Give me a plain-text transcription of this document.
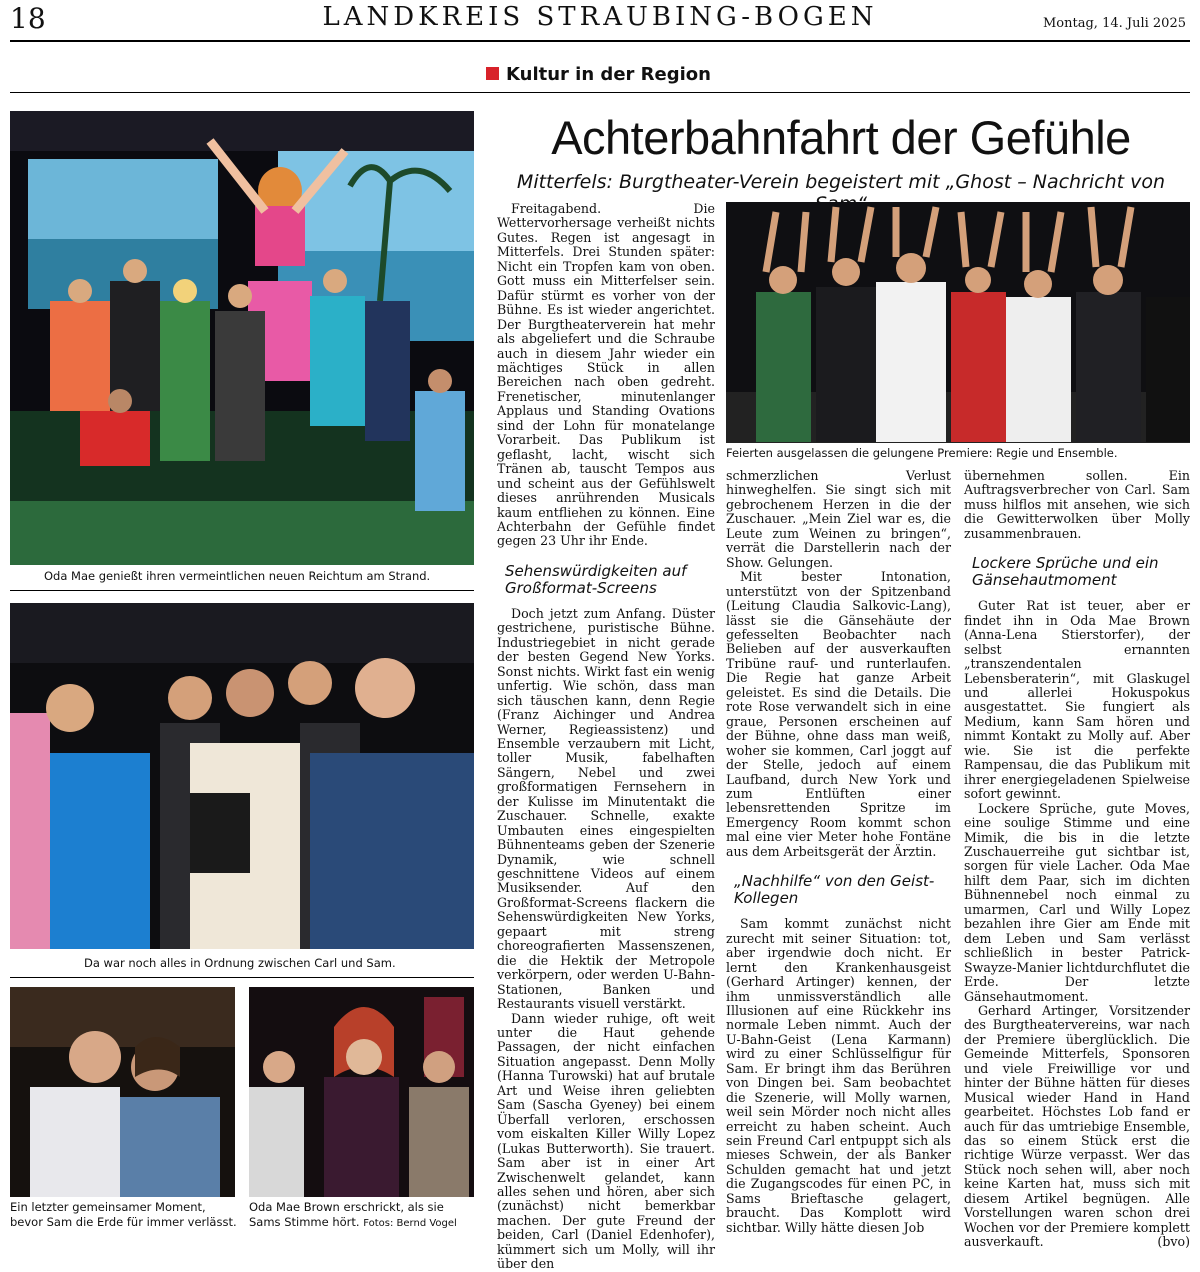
18	LANDKREIS STRAUBING-BOGEN	Montag, 14. Juli 2025
Kultur in der Region
Achterbahnfahrt der Gefühle
Mitterfels: Burgtheater-Verein begeistert mit „Ghost – Nachricht von
Oda Mae genießt ihren vermeintlichen neuen Reichtum am Strand.
Feierten ausgelassen die gelungene Premiere: Regie und Ensemble.
Da war noch alles in Ordnung zwischen Carl und Sam.
Ein letzter gemeinsamer Moment, bevor Sam die Erde für immer verlässt.
Oda Mae Brown erschrickt, als sie Sams Stimme hört. Fotos: Bernd Vogel

Freitagabend. Die Wettervorhersage verheißt nichts Gutes. Regen ist angesagt in Mitterfels. Drei Stunden später: Nicht ein Tropfen kam von oben. Gott muss ein Mitterfelser sein. Dafür stürmt es vorher von der Bühne. Es ist wieder angerichtet. Der Burgtheaterverein hat mehr als abgeliefert und die Schraube auch in diesem Jahr wieder ein mächtiges Stück in allen Bereichen nach oben gedreht. Frenetischer, minutenlanger Applaus und Standing Ovations sind der Lohn für monatelange Vorarbeit. Das Publikum ist geflasht, lacht, wischt sich Tränen ab, tauscht Tempos aus und scheint aus der Gefühlswelt dieses anrührenden Musicals kaum entfliehen zu können. Eine Achterbahn der Gefühle findet gegen 23 Uhr ihr Ende.

Sehenswürdigkeiten auf Großformat-Screens

Doch jetzt zum Anfang. Düster gestrichene, puristische Bühne. Industriegebiet in nicht gerade der besten Gegend New Yorks. Sonst nichts. Wirkt fast ein wenig unfertig. Wie schön, dass man sich täuschen kann, denn Regie (Franz Aichinger und Andrea Werner, Regieassistenz) und Ensemble verzaubern mit Licht, toller Musik, fabelhaften Sängern, Nebel und zwei großformatigen Fernsehern in der Kulisse im Minutentakt die Zuschauer. Schnelle, exakte Umbauten eines eingespielten Bühnenteams geben der Szenerie Dynamik, wie schnell geschnittene Videos auf einem Musiksender. Auf den Großformat-Screens flackern die Sehenswürdigkeiten New Yorks, gepaart mit streng choreografierten Massenszenen, die die Hektik der Metropole verkörpern, oder werden U-Bahn-Stationen, Banken und Restaurants visuell verstärkt.

Dann wieder ruhige, oft weit unter die Haut gehende Passagen, der nicht einfachen Situation angepasst. Denn Molly (Hanna Turowski) hat auf brutale Art und Weise ihren geliebten Sam (Sascha Gyeney) bei einem Überfall verloren, erschossen vom eiskalten Killer Willy Lopez (Lukas Butterworth). Sie trauert. Sam aber ist in einer Art Zwischenwelt gelandet, kann alles sehen und hören, aber sich (zunächst) nicht bemerkbar machen. Der gute Freund der beiden, Carl (Daniel Edenhofer), kümmert sich um Molly, will ihr über den

schmerzlichen Verlust hinweghelfen. Sie singt sich mit gebrochenem Herzen in die der Zuschauer. „Mein Ziel war es, die Leute zum Weinen zu bringen“, verrät die Darstellerin nach der Show. Gelungen.

Mit bester Intonation, unterstützt von der Spitzenband (Leitung Claudia Salkovic-Lang), lässt sie die Gänsehäute der gefesselten Beobachter nach Belieben auf der ausverkauften Tribüne rauf- und runterlaufen. Die Regie hat ganze Arbeit geleistet. Es sind die Details. Die rote Rose verwandelt sich in eine graue, Personen erscheinen auf der Bühne, ohne dass man weiß, woher sie kommen, Carl joggt auf der Stelle, jedoch auf einem Laufband, durch New York und zum Entlüften einer lebensrettenden Spritze im Emergency Room kommt schon mal eine vier Meter hohe Fontäne aus dem Arbeitsgerät der Ärztin.

„Nachhilfe“ von den Geist-Kollegen

Sam kommt zunächst nicht zurecht mit seiner Situation: tot, aber irgendwie doch nicht. Er lernt den Krankenhausgeist (Gerhard Artinger) kennen, der ihm unmissverständlich alle Illusionen auf eine Rückkehr ins normale Leben nimmt. Auch der U-Bahn-Geist (Lena Karmann) wird zu einer Schlüsselfigur für Sam. Er bringt ihm das Berühren von Dingen bei. Sam beobachtet die Szenerie, will Molly warnen, weil sein Mörder noch nicht alles erreicht zu haben scheint. Auch sein Freund Carl entpuppt sich als mieses Schwein, der als Banker Schulden gemacht hat und jetzt die Zugangscodes für einen PC, in Sams Brieftasche gelagert, braucht. Das Komplott wird sichtbar. Willy hätte diesen Job

übernehmen sollen. Ein Auftragsverbrecher von Carl. Sam muss hilflos mit ansehen, wie sich die Gewitterwolken über Molly zusammenbrauen.

Lockere Sprüche und ein Gänsehautmoment

Guter Rat ist teuer, aber er findet ihn in Oda Mae Brown (Anna-Lena Stierstorfer), der selbst ernannten „transzendentalen Lebensberaterin“, mit Glaskugel und allerlei Hokuspokus ausgestattet. Sie fungiert als Medium, kann Sam hören und nimmt Kontakt zu Molly auf. Aber wie. Sie ist die perfekte Rampensau, die das Publikum mit ihrer energiegeladenen Spielweise sofort gewinnt.

Lockere Sprüche, gute Moves, eine soulige Stimme und eine Mimik, die bis in die letzte Zuschauerreihe gut sichtbar ist, sorgen für viele Lacher. Oda Mae hilft dem Paar, sich im dichten Bühnennebel noch einmal zu umarmen, Carl und Willy Lopez bezahlen ihre Gier am Ende mit dem Leben und Sam verlässt schließlich in bester Patrick-Swayze-Manier lichtdurchflutet die Erde. Der letzte Gänsehautmoment.

Gerhard Artinger, Vorsitzender des Burgtheatervereins, war nach der Premiere überglücklich. Die Gemeinde Mitterfels, Sponsoren und viele Freiwillige vor und hinter der Bühne hätten für dieses Musical wieder Hand in Hand gearbeitet. Höchstes Lob fand er auch für das umtriebige Ensemble, das so einem Stück erst die richtige Würze verpasst. Wer das Stück noch sehen will, aber noch keine Karten hat, muss sich mit diesem Artikel begnügen. Alle Vorstellungen waren schon drei Wochen vor der Premiere komplett ausverkauft.	(bvo)
